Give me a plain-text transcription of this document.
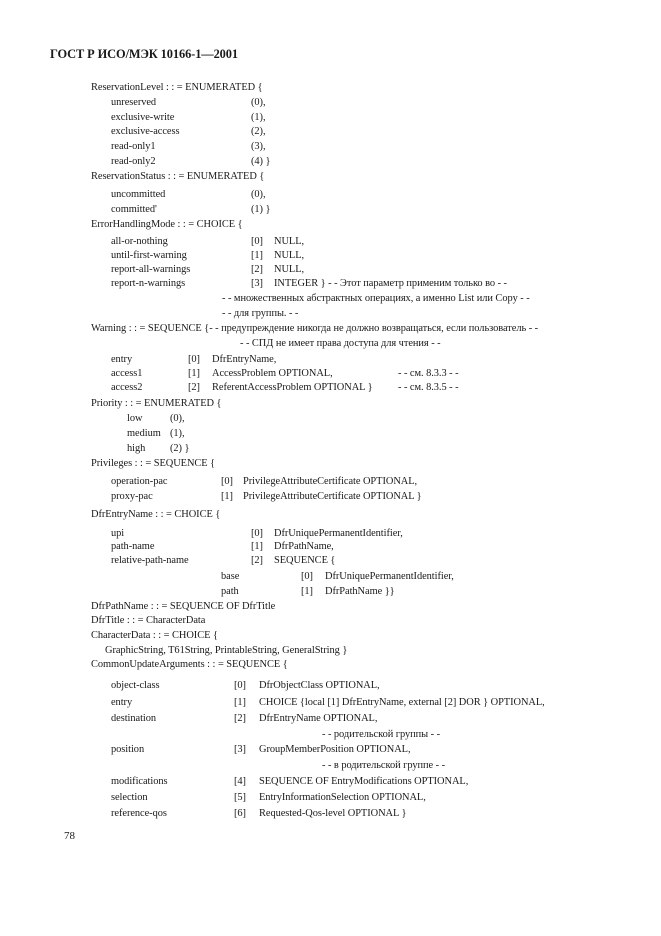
ГОСТ Р ИСО/МЭК 10166-1—2001
ReservationLevel : : = ENUMERATED {
unreserved	(0),
exclusive-write	(1),
exclusive-access	(2),
read-only1	(3),
read-only2	(4) }
ReservationStatus : : = ENUMERATED {
uncommitted	(0),
committed'	(1) }
ErrorHandlingMode : : = CHOICE {
all-or-nothing	[0] NULL,
until-first-warning	[1] NULL,
report-all-warnings	[2] NULL,
report-n-warnings	[3] INTEGER } - - Этот параметр применим только во - -
- - множественных абстрактных операциях, а именно List или Copy - -
- - для группы. - -
Warning : : = SEQUENCE {- - предупреждение никогда не должно возвращаться, если пользователь - -
- - СПД не имеет права доступа для чтения - -
entry	[0] DfrEntryName,
access1	[1] AccessProblem OPTIONAL,	- - см. 8.3.3 - -
access2	[2] ReferentAccessProblem OPTIONAL } - - см. 8.3.5 - -
Priority : : = ENUMERATED {
low	(0),
medium (1),
high (2) }
Privileges : : = SEQUENCE {
operation-pac	[0] PrivilegeAttributeCertificate OPTIONAL,
proxy-pac	[1] PrivilegeAttributeCertificate OPTIONAL }
DfrEntryName : : = CHOICE {
upi	[0] DfrUniquePermanentIdentifier,
path-name	[1] DfrPathName,
relative-path-name	[2] SEQUENCE {
base	[0] DfrUniquePermanentIdentifier,
path	[1] DfrPathName }}
DfrPathName : : = SEQUENCE OF DfrTitle
DfrTitle : : = CharacterData
CharacterData : : = CHOICE {
GraphicString, T61String, PrintableString, GeneralString }
CommonUpdateArguments : : = SEQUENCE {
object-class	[0] DfrObjectClass OPTIONAL,
entry	[1] CHOICE {local [1] DfrEntryName, external [2] DOR } OPTIONAL,
destination	[2] DfrEntryName OPTIONAL,
- - родительской группы - -
position	[3] GroupMemberPosition OPTIONAL,
- - в родительской группе - -
modifications	[4] SEQUENCE OF EntryModifications OPTIONAL,
selection	[5] EntryInformationSelection OPTIONAL,
reference-qos	[6] Requested-Qos-level OPTIONAL }
78
